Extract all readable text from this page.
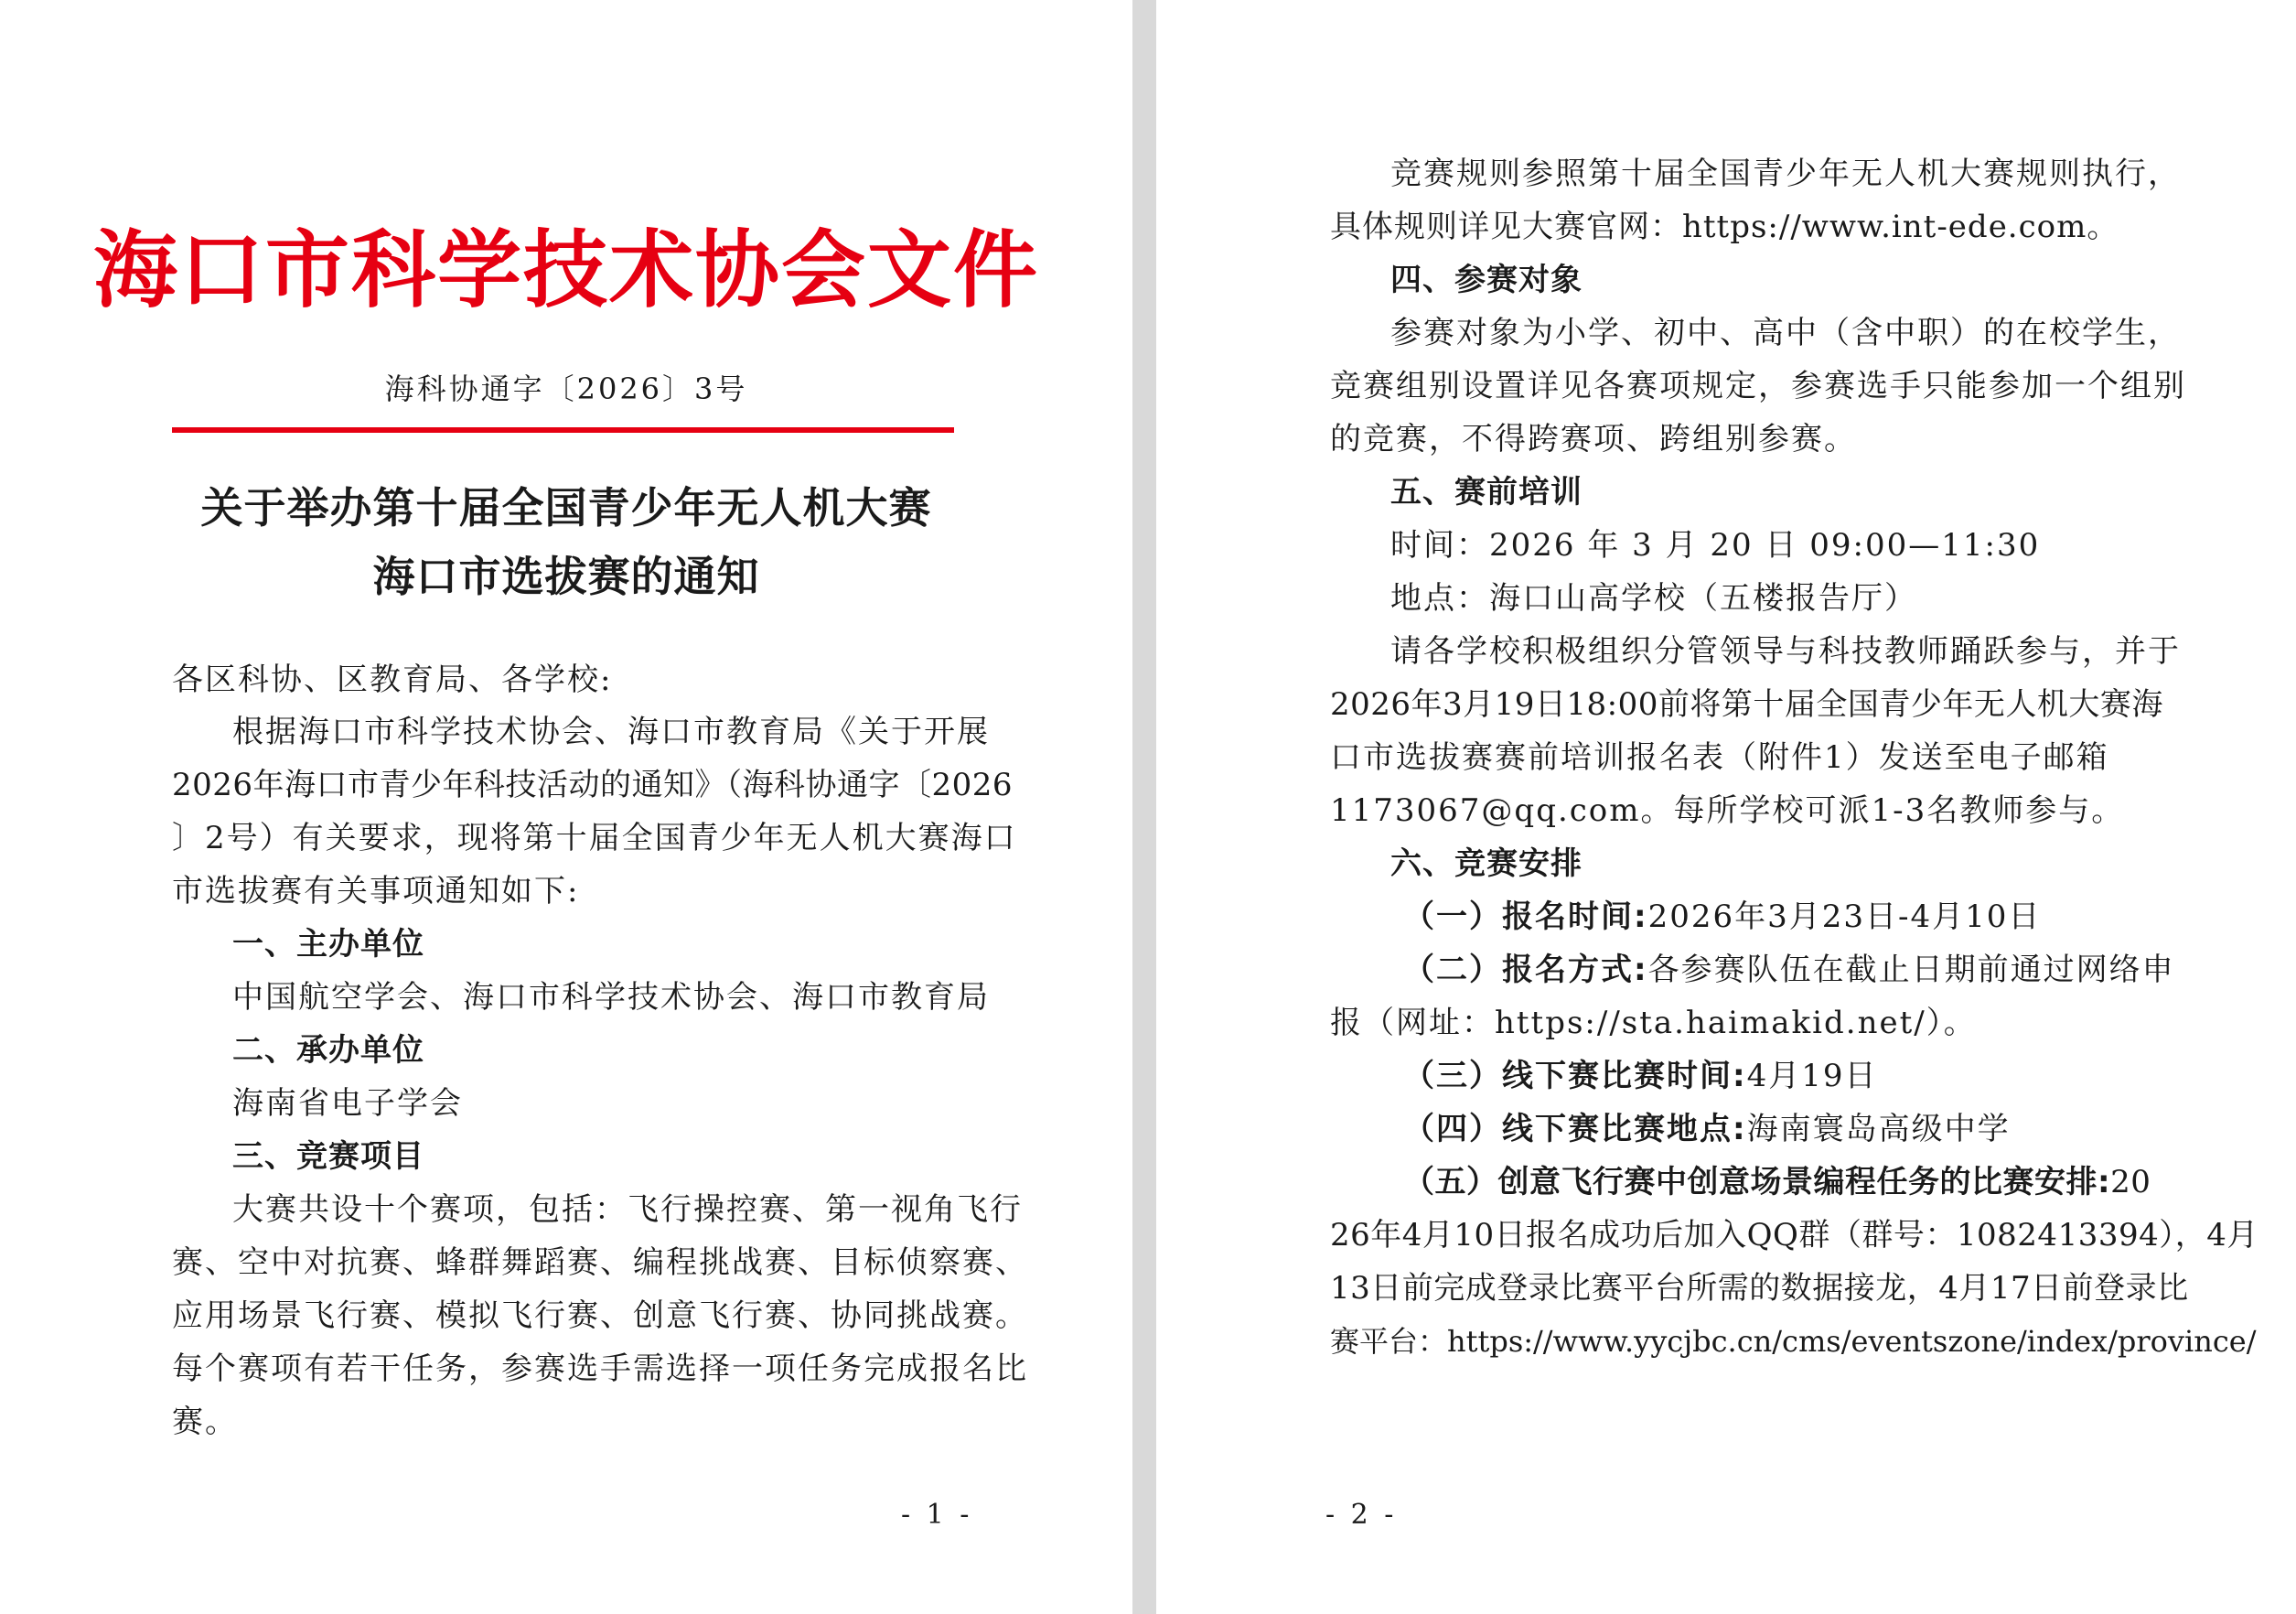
海口市科学技术协会文件
海科协通字〔2026〕3号
关于举办第十届全国青少年无人机大赛
海口市选拔赛的通知
各区科协、区教育局、各学校:
根据海口市科学技术协会、海口市教育局《关于开展
2026年海口市青少年科技活动的通知》（海科协通字〔2026
〕2号）有关要求，现将第十届全国青少年无人机大赛海口
市选拔赛有关事项通知如下:
一、主办单位
中国航空学会、海口市科学技术协会、海口市教育局
二、承办单位
海南省电子学会
三、竞赛项目
大赛共设十个赛项，包括：飞行操控赛、第一视角飞行
赛、空中对抗赛、蜂群舞蹈赛、编程挑战赛、目标侦察赛、
应用场景飞行赛、模拟飞行赛、创意飞行赛、协同挑战赛。
每个赛项有若干任务，参赛选手需选择一项任务完成报名比
赛。
- 1 -
竞赛规则参照第十届全国青少年无人机大赛规则执行，
具体规则详见大赛官网：https://www.int-ede.com。
四、参赛对象
参赛对象为小学、初中、高中（含中职）的在校学生，
竞赛组别设置详见各赛项规定，参赛选手只能参加一个组别
的竞赛，不得跨赛项、跨组别参赛。
五、赛前培训
时间：2026 年 3 月 20 日 09:00—11:30
地点：海口山高学校（五楼报告厅）
请各学校积极组织分管领导与科技教师踊跃参与，并于
2026年3月19日18:00前将第十届全国青少年无人机大赛海
口市选拔赛赛前培训报名表（附件1）发送至电子邮箱
1173067@qq.com。每所学校可派1-3名教师参与。
六、竞赛安排
（一）报名时间:2026年3月23日-4月10日
（二）报名方式:各参赛队伍在截止日期前通过网络申
报（网址：https://sta.haimakid.net/）。
（三）线下赛比赛时间:4月19日
（四）线下赛比赛地点:海南寰岛高级中学
（五）创意飞行赛中创意场景编程任务的比赛安排:20
26年4月10日报名成功后加入QQ群（群号：1082413394），4月
13日前完成登录比赛平台所需的数据接龙，4月17日前登录比
赛平台：https://www.yycjbc.cn/cms/eventszone/index/province/
- 2 -
